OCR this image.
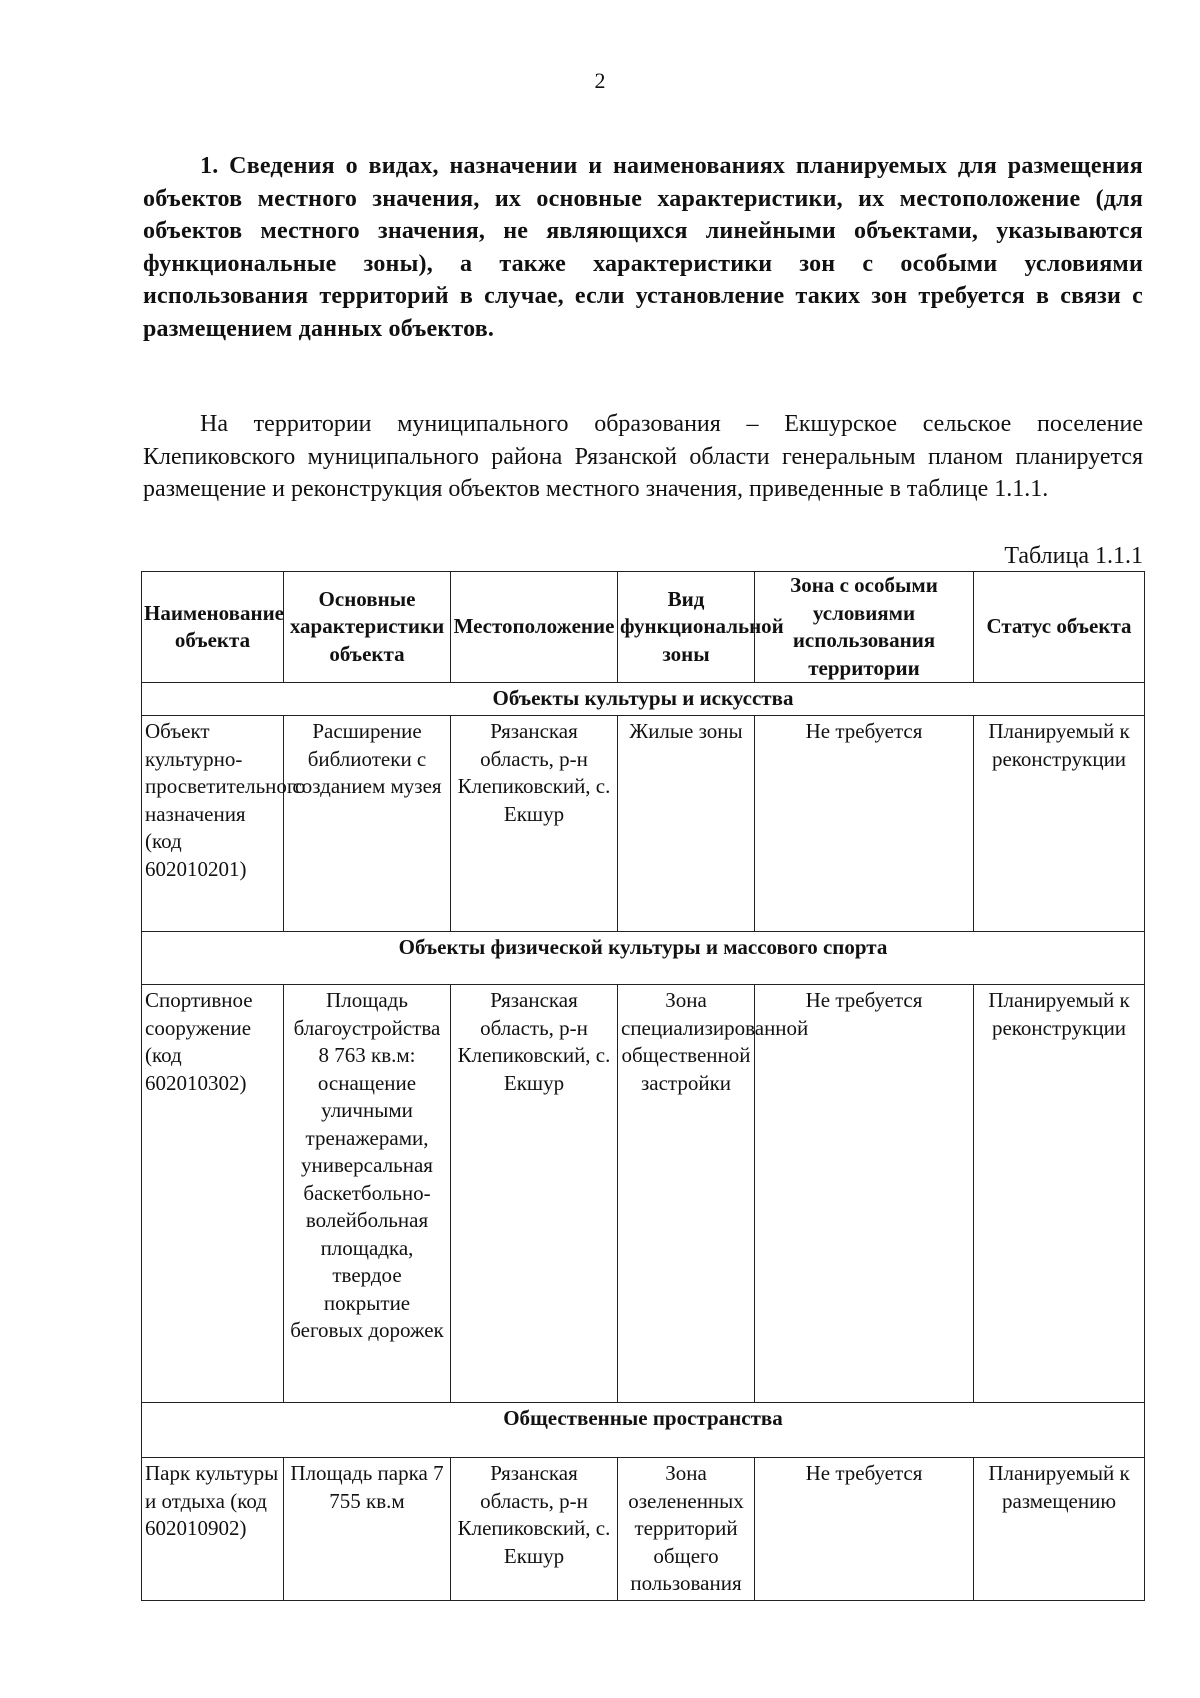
2

1. Сведения о видах, назначении и наименованиях планируемых для размещения объектов местного значения, их основные характеристики, их местоположение (для объектов местного значения, не являющихся линейными объектами, указываются функциональные зоны), а также характеристики зон с особыми условиями использования территорий в случае, если установление таких зон требуется в связи с размещением данных объектов.

На территории муниципального образования – Екшурское сельское поселение Клепиковского муниципального района Рязанской области генеральным планом планируется размещение и реконструкция объектов местного значения, приведенные в таблице 1.1.1.

Таблица 1.1.1
Наименование объекта	Основные характеристики объекта	Местоположение	Вид функциональной зоны	Зона с особыми условиями использования территории	Статус объекта
Объекты культуры и искусства					
Объект культурно-просветительного назначения (код 602010201)	Расширение библиотеки с созданием музея	Рязанская область, р-н Клепиковский, с. Екшур	Жилые зоны	Не требуется	Планируемый к реконструкции
Объекты физической культуры и массового спорта					
Спортивное сооружение (код 602010302)	Площадь благоустройства 8 763 кв.м: оснащение уличными тренажерами, универсальная баскетбольно-волейбольная площадка, твердое покрытие беговых дорожек	Рязанская область, р-н Клепиковский, с. Екшур	Зона специализированной общественной застройки	Не требуется	Планируемый к реконструкции
Общественные пространства					
Парк культуры и отдыха (код 602010902)	Площадь парка 7 755 кв.м	Рязанская область, р-н Клепиковский, с. Екшур	Зона озелененных территорий общего пользования	Не требуется	Планируемый к размещению
